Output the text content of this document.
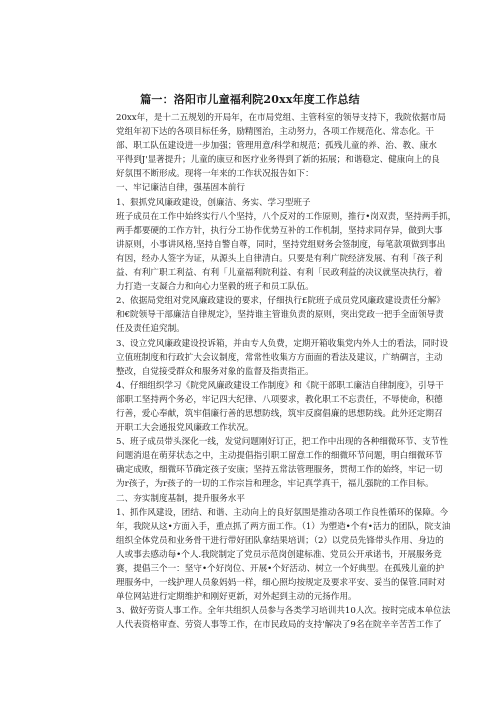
篇一：洛阳市儿童福利院20xx年度工作总结
20xx年，是十二五规划的开局年，在市局党组、主管科室的领导支持下，我院依据市局
党组年初下达的各项目标任务，励精图治，主动努力，各项工作规范化、常态化。干
部、职工队伍建设进一步加强；管理用意/科学和规范；孤残儿童的养、治、教、康水
平得到J'显著提升；儿童的康豆和医疗业务得到了新的拓展；和谐稳定、健康向上的良
好氛围不断形成。现将一年来的工作状况报告如下：
一、牢记廉洁自律，强基固本前行
1、狠抓党风廉政建设，创廉洁、务实、学习型班子
班子成员在工作中始终实行八个坚持，八个反对的工作原则，推行•岗双责，坚持两手抓，
两手都要硬的工作方针，执行分工协作优势互补的工作机制，坚持求同存异，做到大事
讲原则，小事讲风格,坚持自警自尊，同时，坚持党组财务会签制度，每笔款项做到事出
有因，经办人签字为证，从源头上自律清白。只要是有利广院经济发展、有利「孩子利
益、有利广职工利益、有利「儿童福利院利益、有利「民政利益的决议就坚决执行，着
力打造一支凝合力和向心力坚毅的班子和员工队伍。
2、依据局党组对党风廉政建设的要求，仔细执行£院班子成员党风廉政建设责任分解》
和€院领导干部廉洁自律规定》，坚持谁主管谁负责的原则，突出党政一把手全面领导责
任及责任追究制。
3、设立党风廉政建设投诉箱，并由专人负费，定期开箱收集党内外人士的看法，同时设
立值班制度和行政扩大会议制度，常常性收集方方面面的看法及建议，广纳碉言，主动
整改，自觉接受群众和服务对象的监督及指责指正。
4、仔细组织学习《院党风廉政建设工作制度》和《院干部职工廉洁自律制度》，引导干
部职工坚持两个务必，牢记四大纪律、八项要求，教化职工不忘责任，不辱使命，积德
行善，爱心奉献，筑牢倡廉行善的思想防线，筑牢反腐倡廉的思想防线。此外还定期召
开职工大会通报党风廉政工作状况。
5、班子成员带头深化一线，发觉问题刚好订正，把工作中出现的各种细微环节、支节性
问题消退在萌芽状态之中，主动提倡指引职工留意工作的细微环节问题，明白细微环节
确定成败，细微环节确定孩子安康；坚持五常法管理服务，贯彻工作的始终，牢记一切
为r孩子，为r孩子的一切的工作宗旨和理念，牢记真学真干，福儿强院的工作目标。
二、夯实制度基制，提升服务水平
1、抓作风建设，团结、和谐、主动向上的良好氛围是推动各项工作良性循环的保障。今
年，我院从这•方面入手，重点抓了两方面工作。（1）为塑造•个有•活力的团队，院支油
组织全体党员和业务骨干进行带好团队拿结果培训；（2）以党员先锋带头作用、身边的
人或事去感动每•个人.我院制定了党员示范岗创建标准、党员公开承诺书，开展服务竞
赛，提倡三个一：坚守•个好岗位、开展•个好活动、树立一个好典型。在孤残儿童的护
理服务中，一线护理人员象妈妈一样，细心照均按规定及要求平安、妥当的保管.同时对
单位网站进行定期维护和刚好更新，对外起到主动的元扬作用。
3、做好劳资人事工作。全年共组织人员参与各类学习培训共10人次。按时完成本单位法
人代表资格审查、劳资人事等工作，在市民政局的支持'解决了9名在院辛辛苦苦工作了
